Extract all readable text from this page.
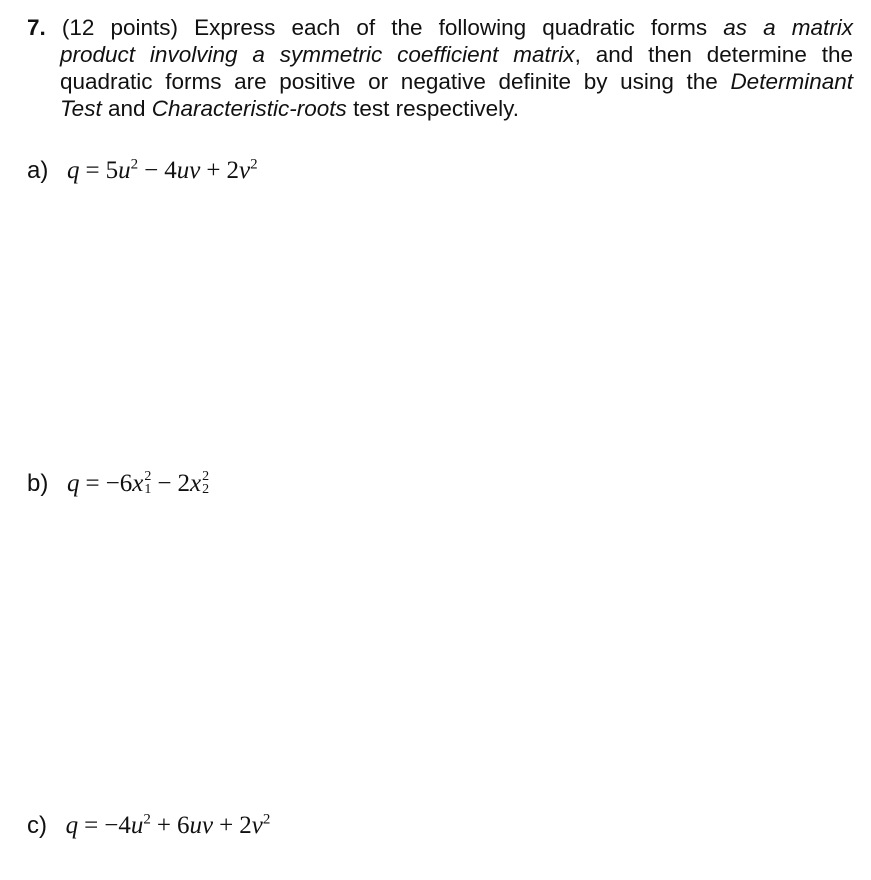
7. (12 points) Express each of the following quadratic forms as a matrix
product involving a symmetric coefficient matrix, and then determine the
quadratic forms are positive or negative definite by using the Determinant
Test and Characteristic-roots test respectively.
a) $q = 5u^2 - 4uv + 2v^2$
b) q = −6x 2
1 − 2x 2
2
c) $q = -4u^2 + 6uv + 2v^2$
